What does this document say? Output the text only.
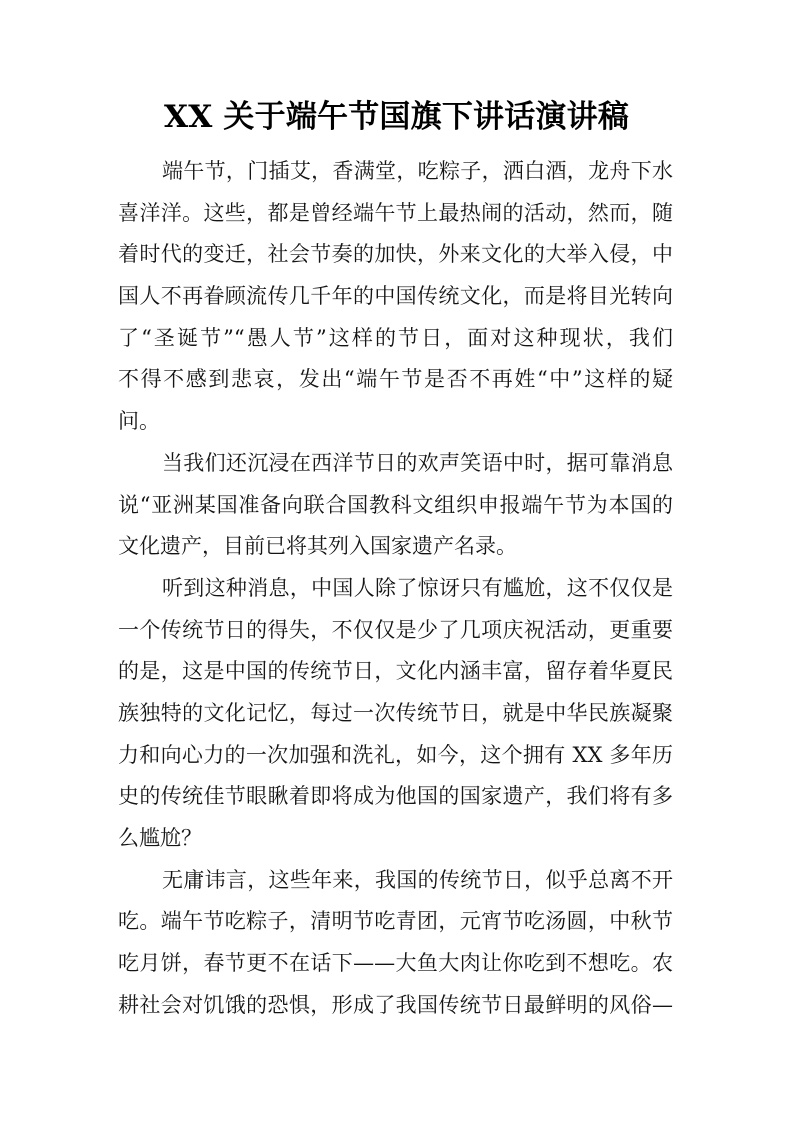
XX 关于端午节国旗下讲话演讲稿
端午节，门插艾，香满堂，吃粽子，洒白酒，龙舟下水
喜洋洋。这些，都是曾经端午节上最热闹的活动，然而，随
着时代的变迁，社会节奏的加快，外来文化的大举入侵，中
国人不再眷顾流传几千年的中国传统文化，而是将目光转向
了“圣诞节”“愚人节”这样的节日，面对这种现状，我们
不得不感到悲哀，发出“端午节是否不再姓“中”这样的疑
问。
当我们还沉浸在西洋节日的欢声笑语中时，据可靠消息
说“亚洲某国准备向联合国教科文组织申报端午节为本国的
文化遗产，目前已将其列入国家遗产名录。
听到这种消息，中国人除了惊讶只有尴尬，这不仅仅是
一个传统节日的得失，不仅仅是少了几项庆祝活动，更重要
的是，这是中国的传统节日，文化内涵丰富，留存着华夏民
族独特的文化记忆，每过一次传统节日，就是中华民族凝聚
力和向心力的一次加强和洗礼，如今，这个拥有 XX 多年历
史的传统佳节眼瞅着即将成为他国的国家遗产，我们将有多
么尴尬？
无庸讳言，这些年来，我国的传统节日，似乎总离不开
吃。端午节吃粽子，清明节吃青团，元宵节吃汤圆，中秋节
吃月饼，春节更不在话下——大鱼大肉让你吃到不想吃。农
耕社会对饥饿的恐惧，形成了我国传统节日最鲜明的风俗—
